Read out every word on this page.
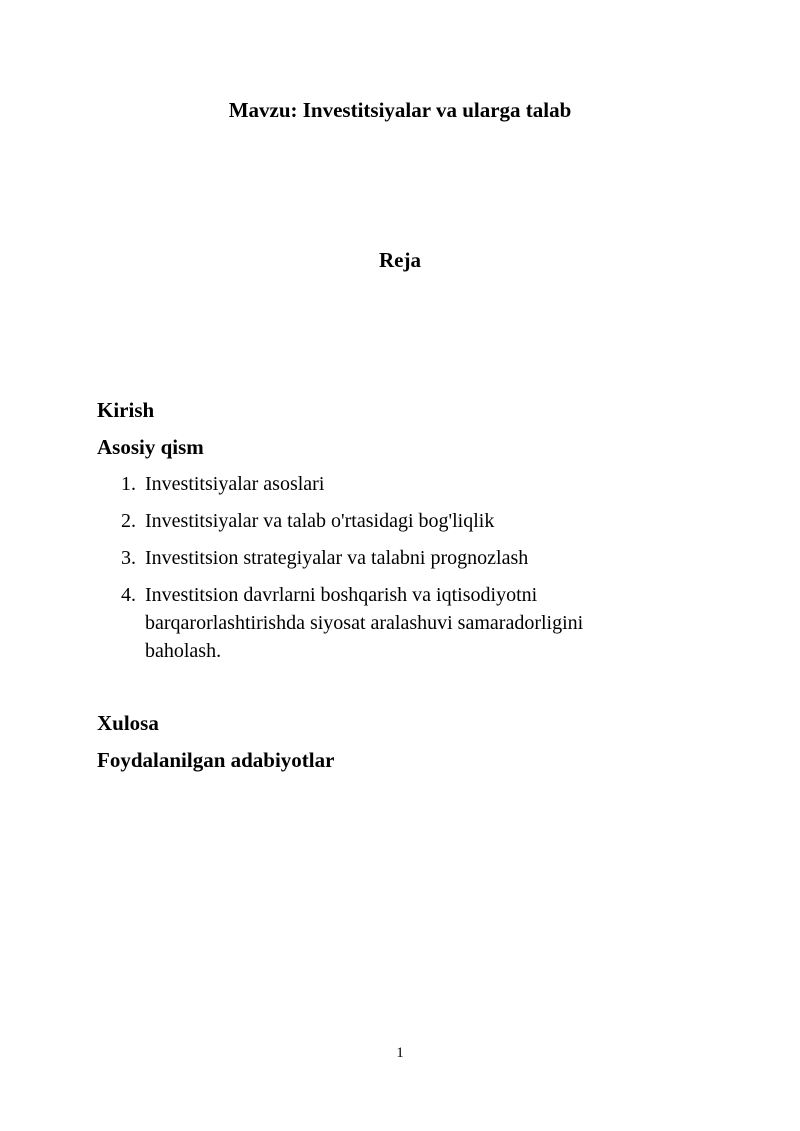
Mavzu: Investitsiyalar va ularga talab
Reja
Kirish
Asosiy qism
1. Investitsiyalar asoslari
2. Investitsiyalar va talab o'rtasidagi bog'liqlik
3. Investitsion strategiyalar va talabni prognozlash
4. Investitsion davrlarni boshqarish va iqtisodiyotni barqarorlashtirishda siyosat aralashuvi samaradorligini baholash.
Xulosa
Foydalanilgan adabiyotlar
1
